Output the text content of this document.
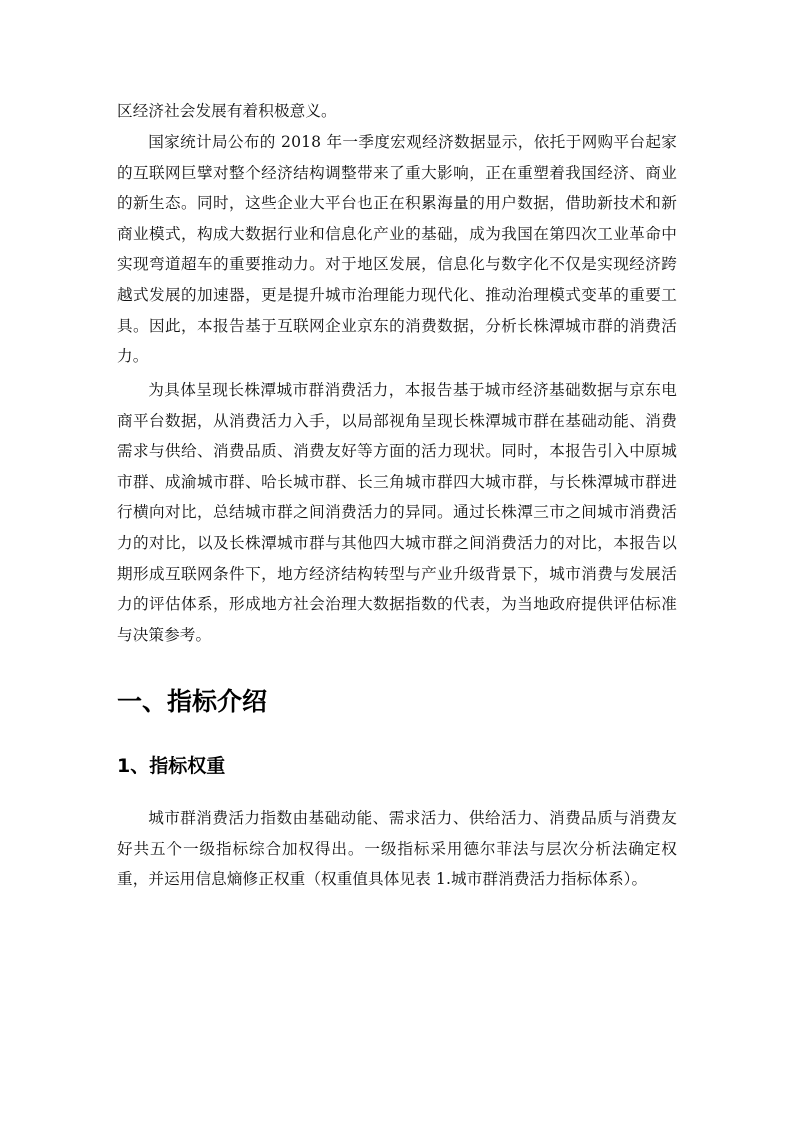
区经济社会发展有着积极意义。

国家统计局公布的 2018 年一季度宏观经济数据显示，依托于网购平台起家的互联网巨擘对整个经济结构调整带来了重大影响，正在重塑着我国经济、商业的新生态。同时，这些企业大平台也正在积累海量的用户数据，借助新技术和新商业模式，构成大数据行业和信息化产业的基础，成为我国在第四次工业革命中实现弯道超车的重要推动力。对于地区发展，信息化与数字化不仅是实现经济跨越式发展的加速器，更是提升城市治理能力现代化、推动治理模式变革的重要工具。因此，本报告基于互联网企业京东的消费数据，分析长株潭城市群的消费活力。

为具体呈现长株潭城市群消费活力，本报告基于城市经济基础数据与京东电商平台数据，从消费活力入手，以局部视角呈现长株潭城市群在基础动能、消费需求与供给、消费品质、消费友好等方面的活力现状。同时，本报告引入中原城市群、成渝城市群、哈长城市群、长三角城市群四大城市群，与长株潭城市群进行横向对比，总结城市群之间消费活力的异同。通过长株潭三市之间城市消费活力的对比，以及长株潭城市群与其他四大城市群之间消费活力的对比，本报告以期形成互联网条件下，地方经济结构转型与产业升级背景下，城市消费与发展活力的评估体系，形成地方社会治理大数据指数的代表，为当地政府提供评估标准与决策参考。

一、指标介绍
1、指标权重

城市群消费活力指数由基础动能、需求活力、供给活力、消费品质与消费友好共五个一级指标综合加权得出。一级指标采用德尔菲法与层次分析法确定权重，并运用信息熵修正权重（权重值具体见表 1.城市群消费活力指标体系）。
